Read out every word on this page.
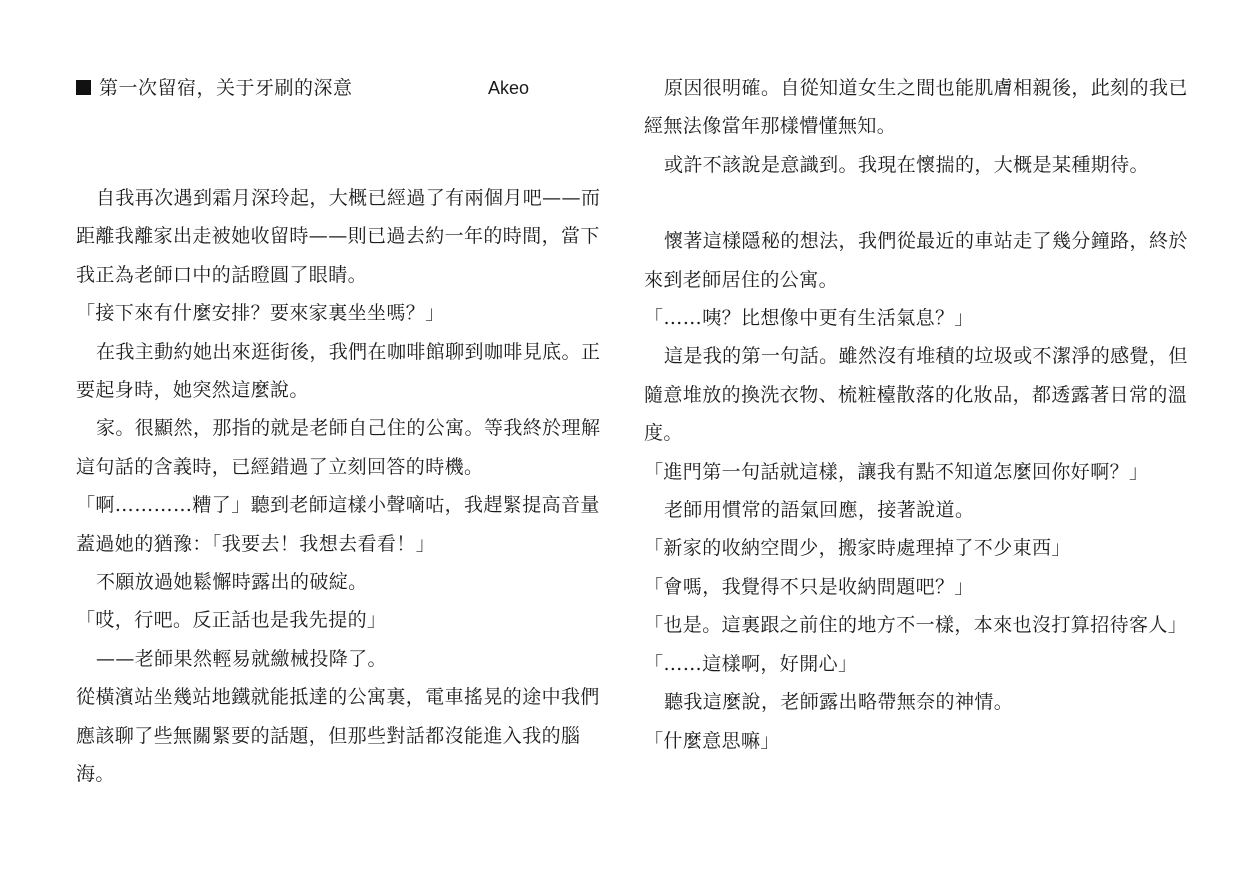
第一次留宿，关于牙刷的深意	Akeo

自我再次遇到霜月深玲起，大概已經過了有兩個月吧——而距離我離家出走被她收留時——則已過去約一年的時間，當下我正為老師口中的話瞪圓了眼睛。

「接下來有什麼安排？要來家裏坐坐嗎？」

在我主動約她出來逛街後，我們在咖啡館聊到咖啡見底。正要起身時，她突然這麼說。

家。很顯然，那指的就是老師自己住的公寓。等我終於理解這句話的含義時，已經錯過了立刻回答的時機。

「啊…………糟了」聽到老師這樣小聲嘀咕，我趕緊提高音量蓋過她的猶豫：「我要去！我想去看看！」

不願放過她鬆懈時露出的破綻。

「哎，行吧。反正話也是我先提的」

——老師果然輕易就繳械投降了。

從橫濱站坐幾站地鐵就能抵達的公寓裏，電車搖晃的途中我們應該聊了些無關緊要的話題，但那些對話都沒能進入我的腦海。

原因很明確。自從知道女生之間也能肌膚相親後，此刻的我已經無法像當年那樣懵懂無知。

或許不該說是意識到。我現在懷揣的，大概是某種期待。

懷著這樣隱秘的想法，我們從最近的車站走了幾分鐘路，終於來到老師居住的公寓。

「……咦？比想像中更有生活氣息？」

這是我的第一句話。雖然沒有堆積的垃圾或不潔淨的感覺，但隨意堆放的換洗衣物、梳粧檯散落的化妝品，都透露著日常的溫度。

「進門第一句話就這樣，讓我有點不知道怎麼回你好啊？」

老師用慣常的語氣回應，接著說道。

「新家的收納空間少，搬家時處理掉了不少東西」

「會嗎，我覺得不只是收納問題吧？」

「也是。這裏跟之前住的地方不一樣，本來也沒打算招待客人」

「……這樣啊，好開心」

聽我這麼說，老師露出略帶無奈的神情。

「什麼意思嘛」
